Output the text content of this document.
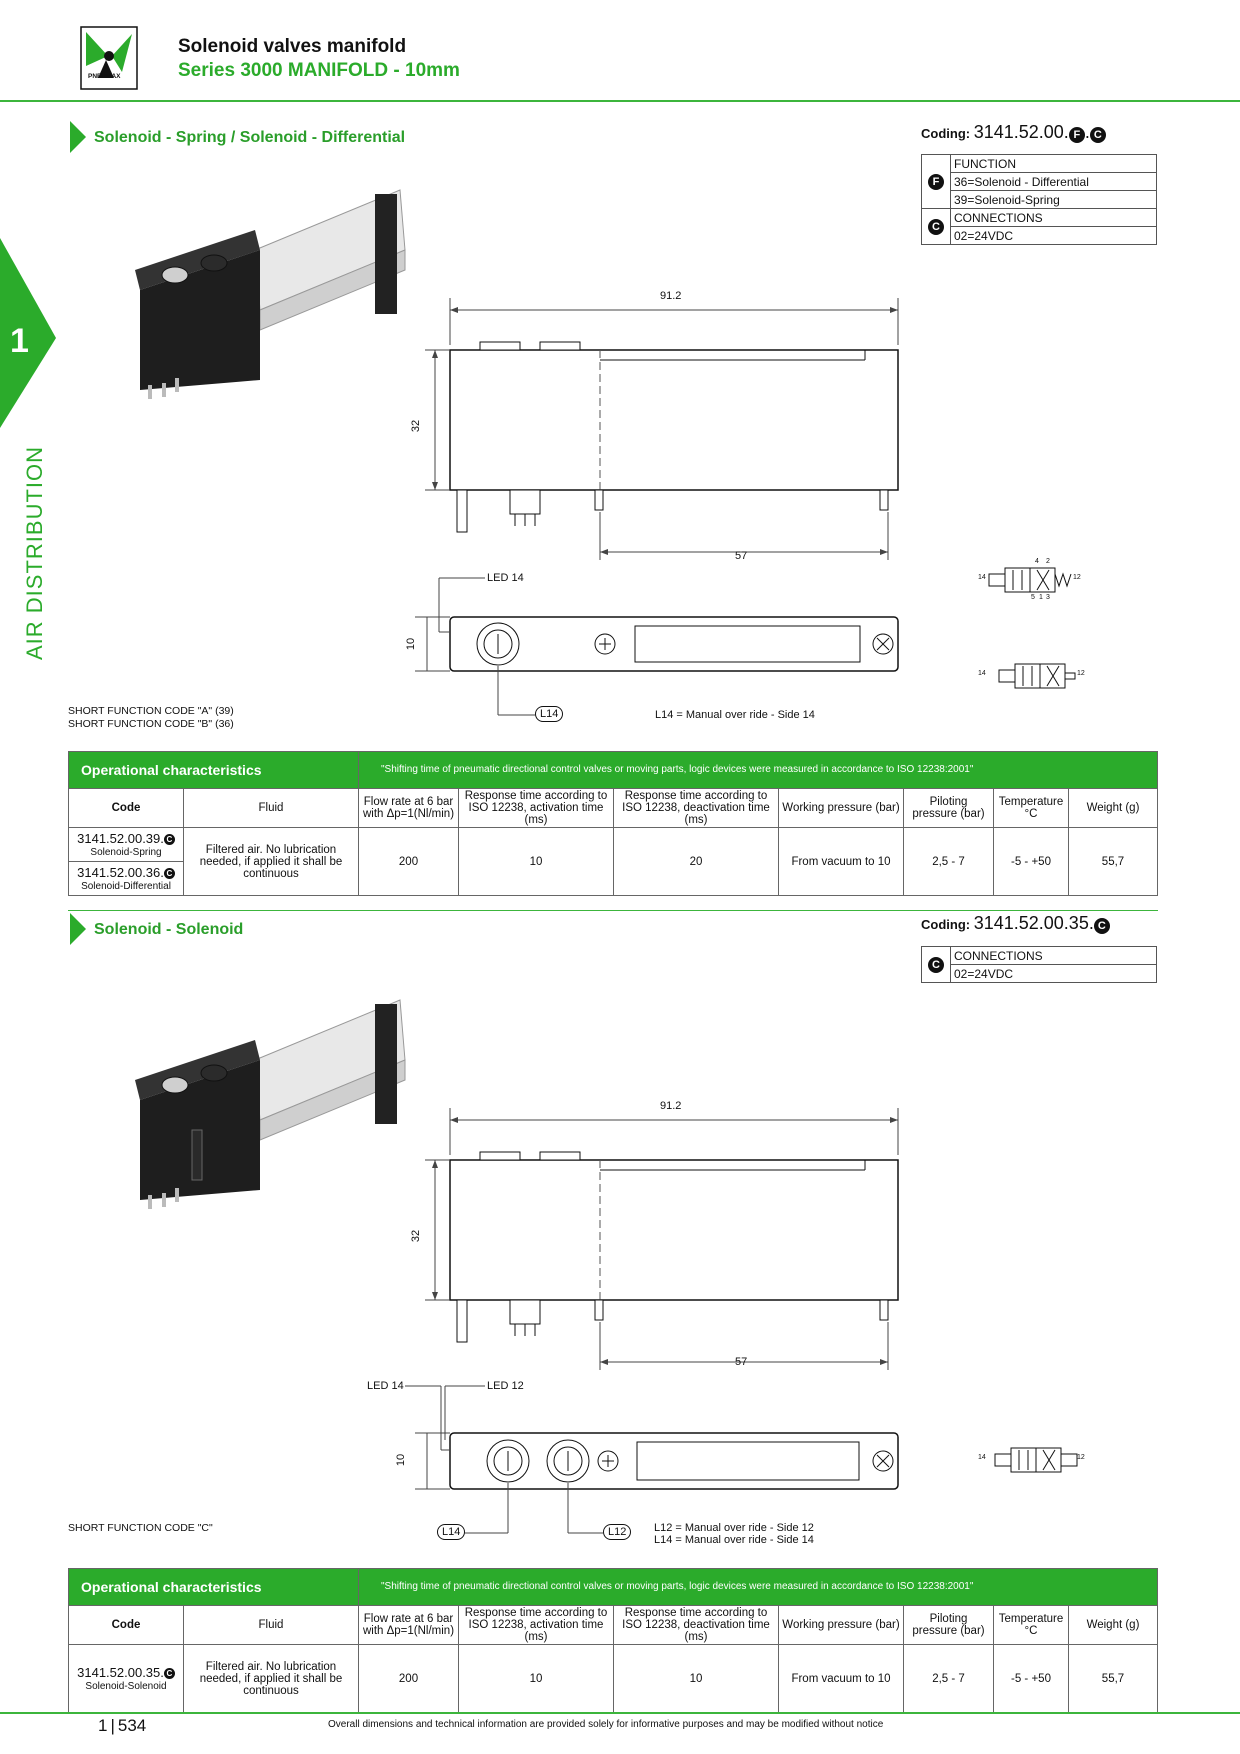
PNEUMAX
Solenoid valves manifold
Series 3000 MANIFOLD - 10mm
1
AIR DISTRIBUTION
Solenoid - Spring / Solenoid - Differential	Coding: 3141.52.00. F . C
F	FUNCTION
	36=Solenoid - Differential
	39=Solenoid-Spring
C	CONNECTIONS
	02=24VDC
91.2
32
57
LED 14
10
L14	L14 = Manual over ride - Side 14
14	12
4 2
5 1 3
14	12
SHORT FUNCTION CODE "A" (39)
SHORT FUNCTION CODE "B" (36)
Operational characteristics		"Shifting time of pneumatic directional control valves or moving parts, logic devices were measured in accordance to ISO 12238:2001"						
Code	Fluid	Flow rate at 6 bar with Δp=1(Nl/min)	Response time according to ISO 12238, activation time (ms)	Response time according to ISO 12238, deactivation time (ms)	Working pressure (bar)	Piloting pressure (bar)	Temperature °C	Weight (g)
3141.52.00.39. C
Solenoid-Spring	Filtered air. No lubrication needed, if applied it shall be continuous	200	10	20	From vacuum to 10	2,5 - 7	-5 - +50	55,7
3141.52.00.36. C
Solenoid-Differential								
Solenoid - Solenoid	Coding: 3141.52.00.35. C
C	CONNECTIONS
02=24VDC
91.2
32
57
LED 14	LED 12
10
L14	L12	L12 = Manual over ride - Side 12
L14 = Manual over ride - Side 14
14	12
SHORT FUNCTION CODE "C"
Operational characteristics		"Shifting time of pneumatic directional control valves or moving parts, logic devices were measured in accordance to ISO 12238:2001"						
Code	Fluid	Flow rate at 6 bar with Δp=1(Nl/min)	Response time according to ISO 12238, activation time (ms)	Response time according to ISO 12238, deactivation time (ms)	Working pressure (bar)	Piloting pressure (bar)	Temperature °C	Weight (g)
3141.52.00.35. C
Solenoid-Solenoid	Filtered air. No lubrication needed, if applied it shall be continuous	200	10	10	From vacuum to 10	2,5 - 7	-5 - +50	55,7
1 | 534	Overall dimensions and technical information are provided solely for informative purposes and may be modified without notice
